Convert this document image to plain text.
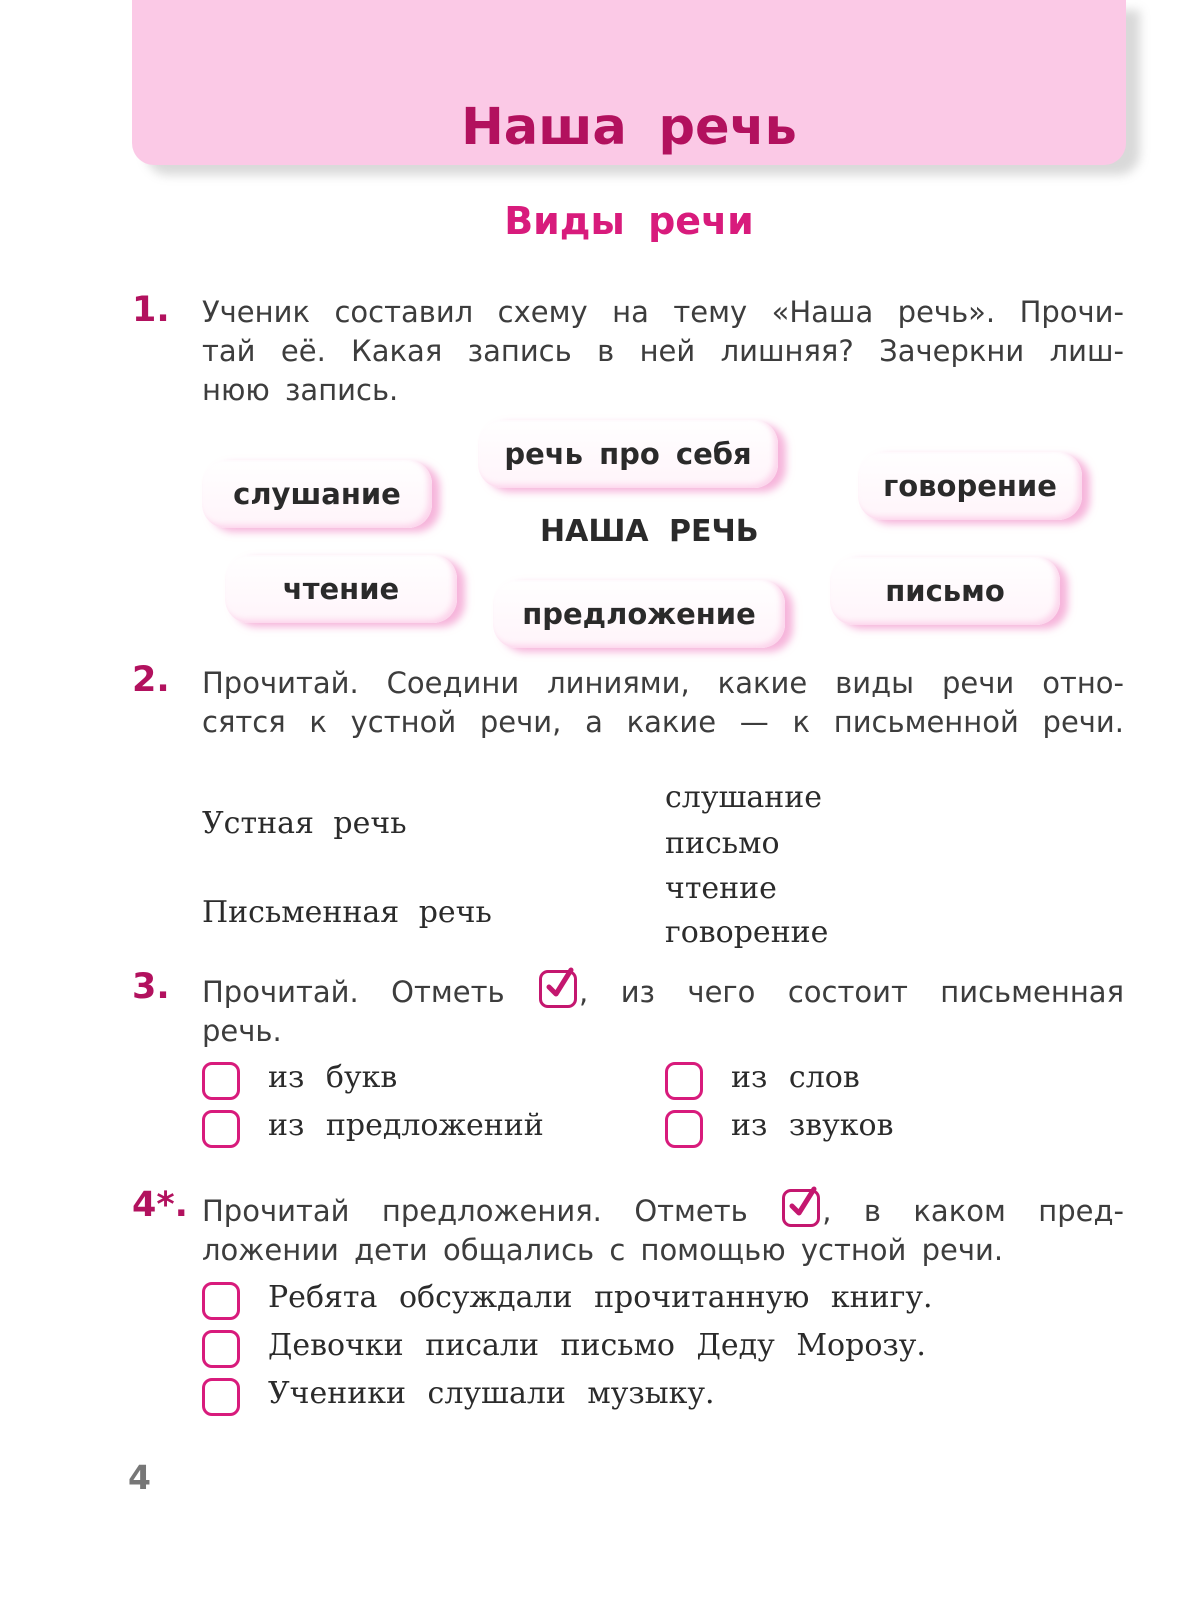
Наша речь
Виды речи
1. Ученик составил схему на тему «Наша речь». Прочи-
тай её. Какая запись в ней лишняя? Зачеркни лиш-
нюю запись.
речь про себя
слушание	говорение
НАША РЕЧЬ
чтение
предложение
письмо
2. Прочитай. Соедини линиями, какие виды речи отно-
сятся к устной речи, а какие — к письменной речи.
Устная речь
Письменная речь
слушание
письмо
чтение
говорение
3. Прочитай. Отметь	, из чего состоит письменная
речь.
из букв
из предложений
из слов
из звуков
4*. Прочитай предложения. Отметь	, в каком пред-
ложении дети общались с помощью устной речи.
Ребята обсуждали прочитанную книгу.
Девочки писали письмо Деду Морозу.
Ученики слушали музыку.
4
